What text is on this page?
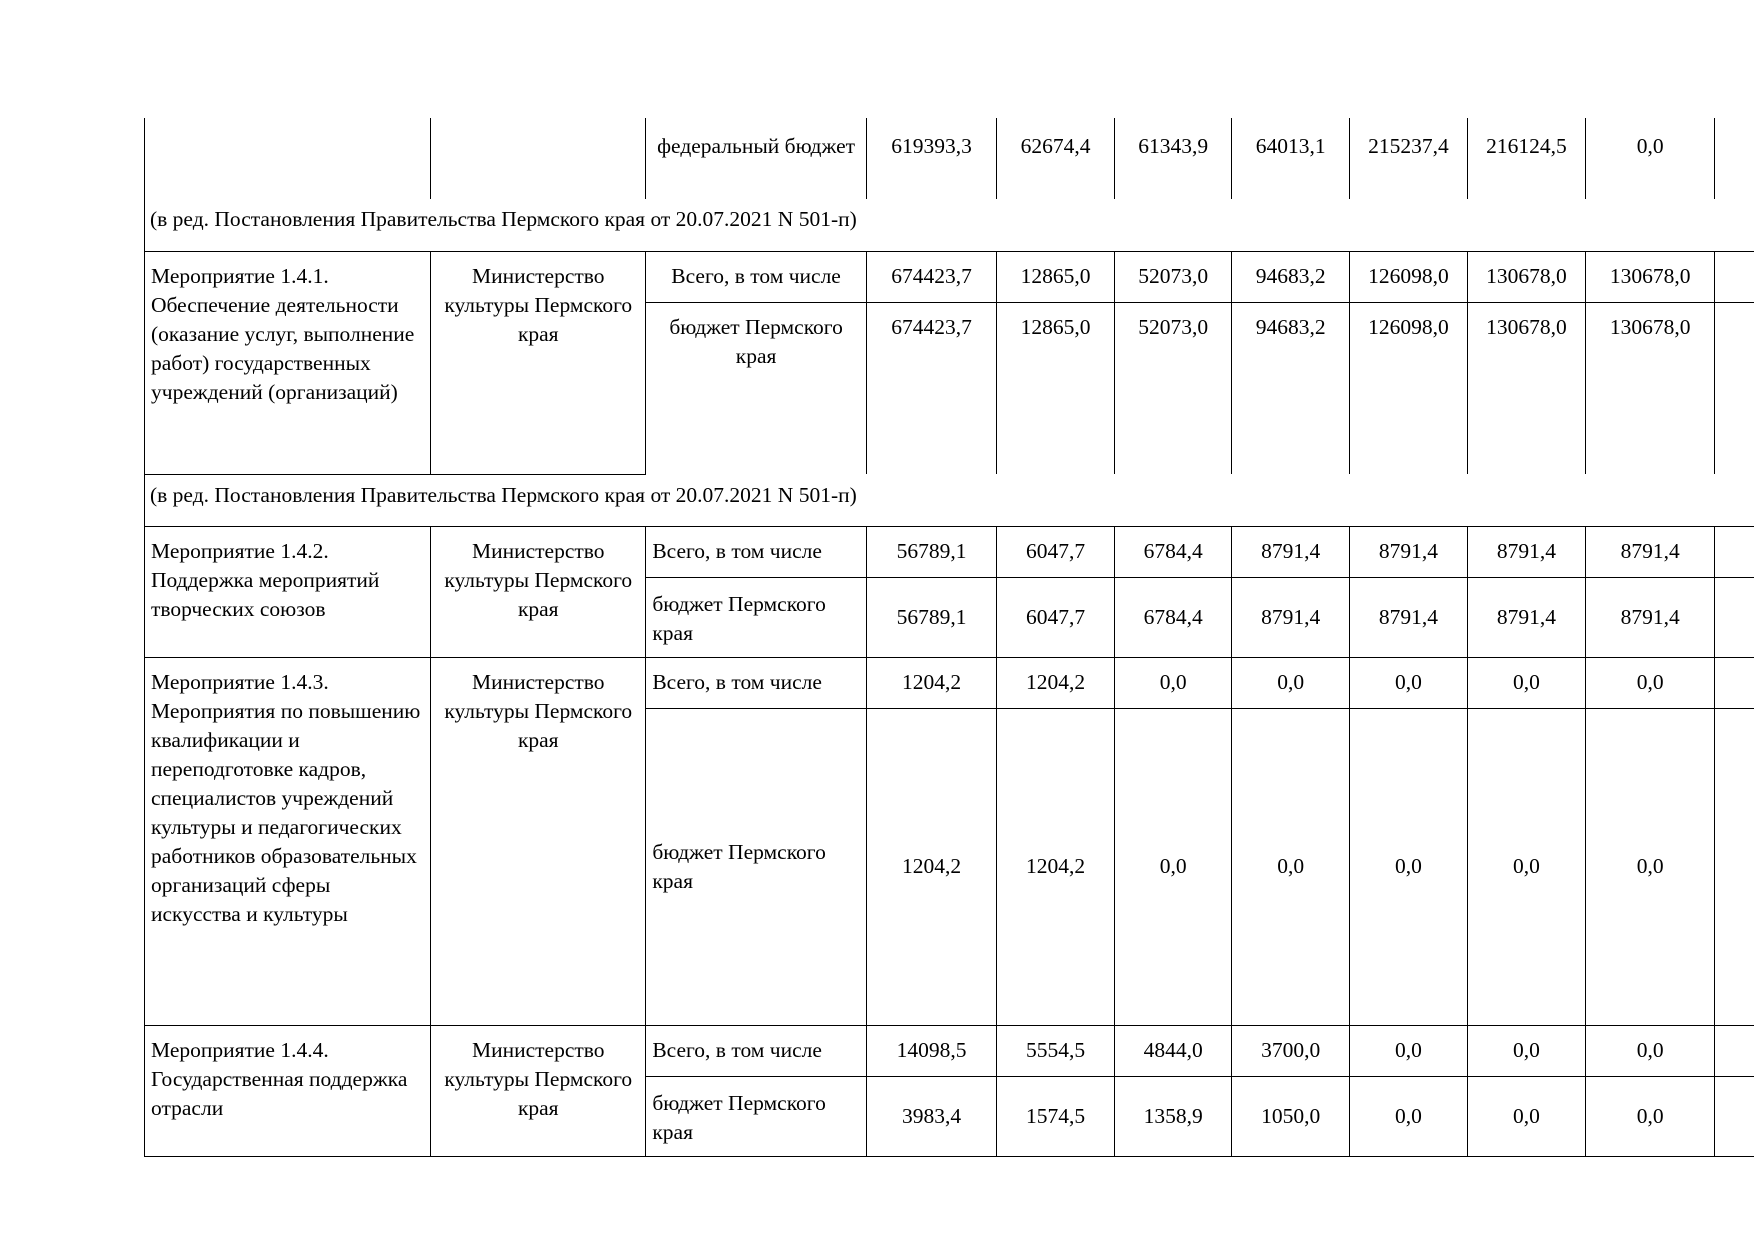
		федеральный бюджет	619393,3	62674,4	61343,9	64013,1	215237,4	216124,5	0,0	
(в ред. Постановления Правительства Пермского края от 20.07.2021 N 501-п)										
Мероприятие 1.4.1. Обеспечение деятельности (оказание услуг, выполнение работ) государственных учреждений (организаций)	Министерство культуры Пермского края	Всего, в том числе	674423,7	12865,0	52073,0	94683,2	126098,0	130678,0	130678,0	
		бюджет Пермского края	674423,7	12865,0	52073,0	94683,2	126098,0	130678,0	130678,0	
(в ред. Постановления Правительства Пермского края от 20.07.2021 N 501-п)										
Мероприятие 1.4.2. Поддержка мероприятий творческих союзов	Министерство культуры Пермского края	Всего, в том числе	56789,1	6047,7	6784,4	8791,4	8791,4	8791,4	8791,4	
		бюджет Пермского края	56789,1	6047,7	6784,4	8791,4	8791,4	8791,4	8791,4	
Мероприятие 1.4.3. Мероприятия по повышению квалификации и переподготовке кадров, специалистов учреждений культуры и педагогических работников образовательных организаций сферы искусства и культуры	Министерство культуры Пермского края	Всего, в том числе	1204,2	1204,2	0,0	0,0	0,0	0,0	0,0	
		бюджет Пермского края	1204,2	1204,2	0,0	0,0	0,0	0,0	0,0	
Мероприятие 1.4.4. Государственная поддержка отрасли	Министерство культуры Пермского края	Всего, в том числе	14098,5	5554,5	4844,0	3700,0	0,0	0,0	0,0	
		бюджет Пермского края	3983,4	1574,5	1358,9	1050,0	0,0	0,0	0,0	
